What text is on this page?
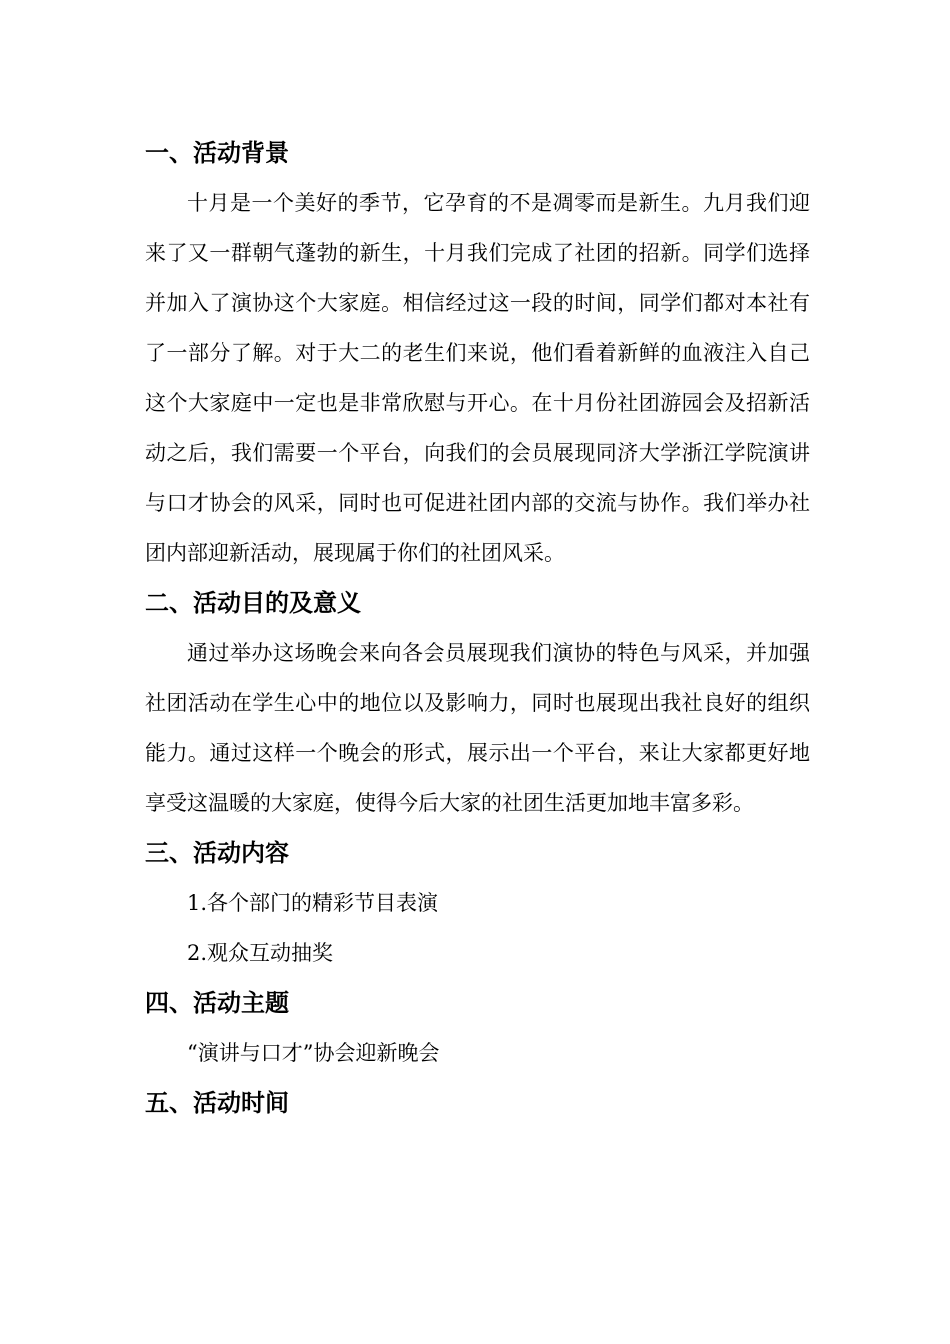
一、活动背景

十月是一个美好的季节，它孕育的不是凋零而是新生。九月我们迎来了又一群朝气蓬勃的新生，十月我们完成了社团的招新。同学们选择并加入了演协这个大家庭。相信经过这一段的时间，同学们都对本社有了一部分了解。对于大二的老生们来说，他们看着新鲜的血液注入自己这个大家庭中一定也是非常欣慰与开心。在十月份社团游园会及招新活动之后，我们需要一个平台，向我们的会员展现同济大学浙江学院演讲与口才协会的风采，同时也可促进社团内部的交流与协作。我们举办社团内部迎新活动，展现属于你们的社团风采。

二、活动目的及意义

通过举办这场晚会来向各会员展现我们演协的特色与风采，并加强社团活动在学生心中的地位以及影响力，同时也展现出我社良好的组织能力。通过这样一个晚会的形式，展示出一个平台，来让大家都更好地享受这温暖的大家庭，使得今后大家的社团生活更加地丰富多彩。

三、活动内容

1.各个部门的精彩节目表演

2.观众互动抽奖

四、活动主题

“演讲与口才”协会迎新晚会

五、活动时间
